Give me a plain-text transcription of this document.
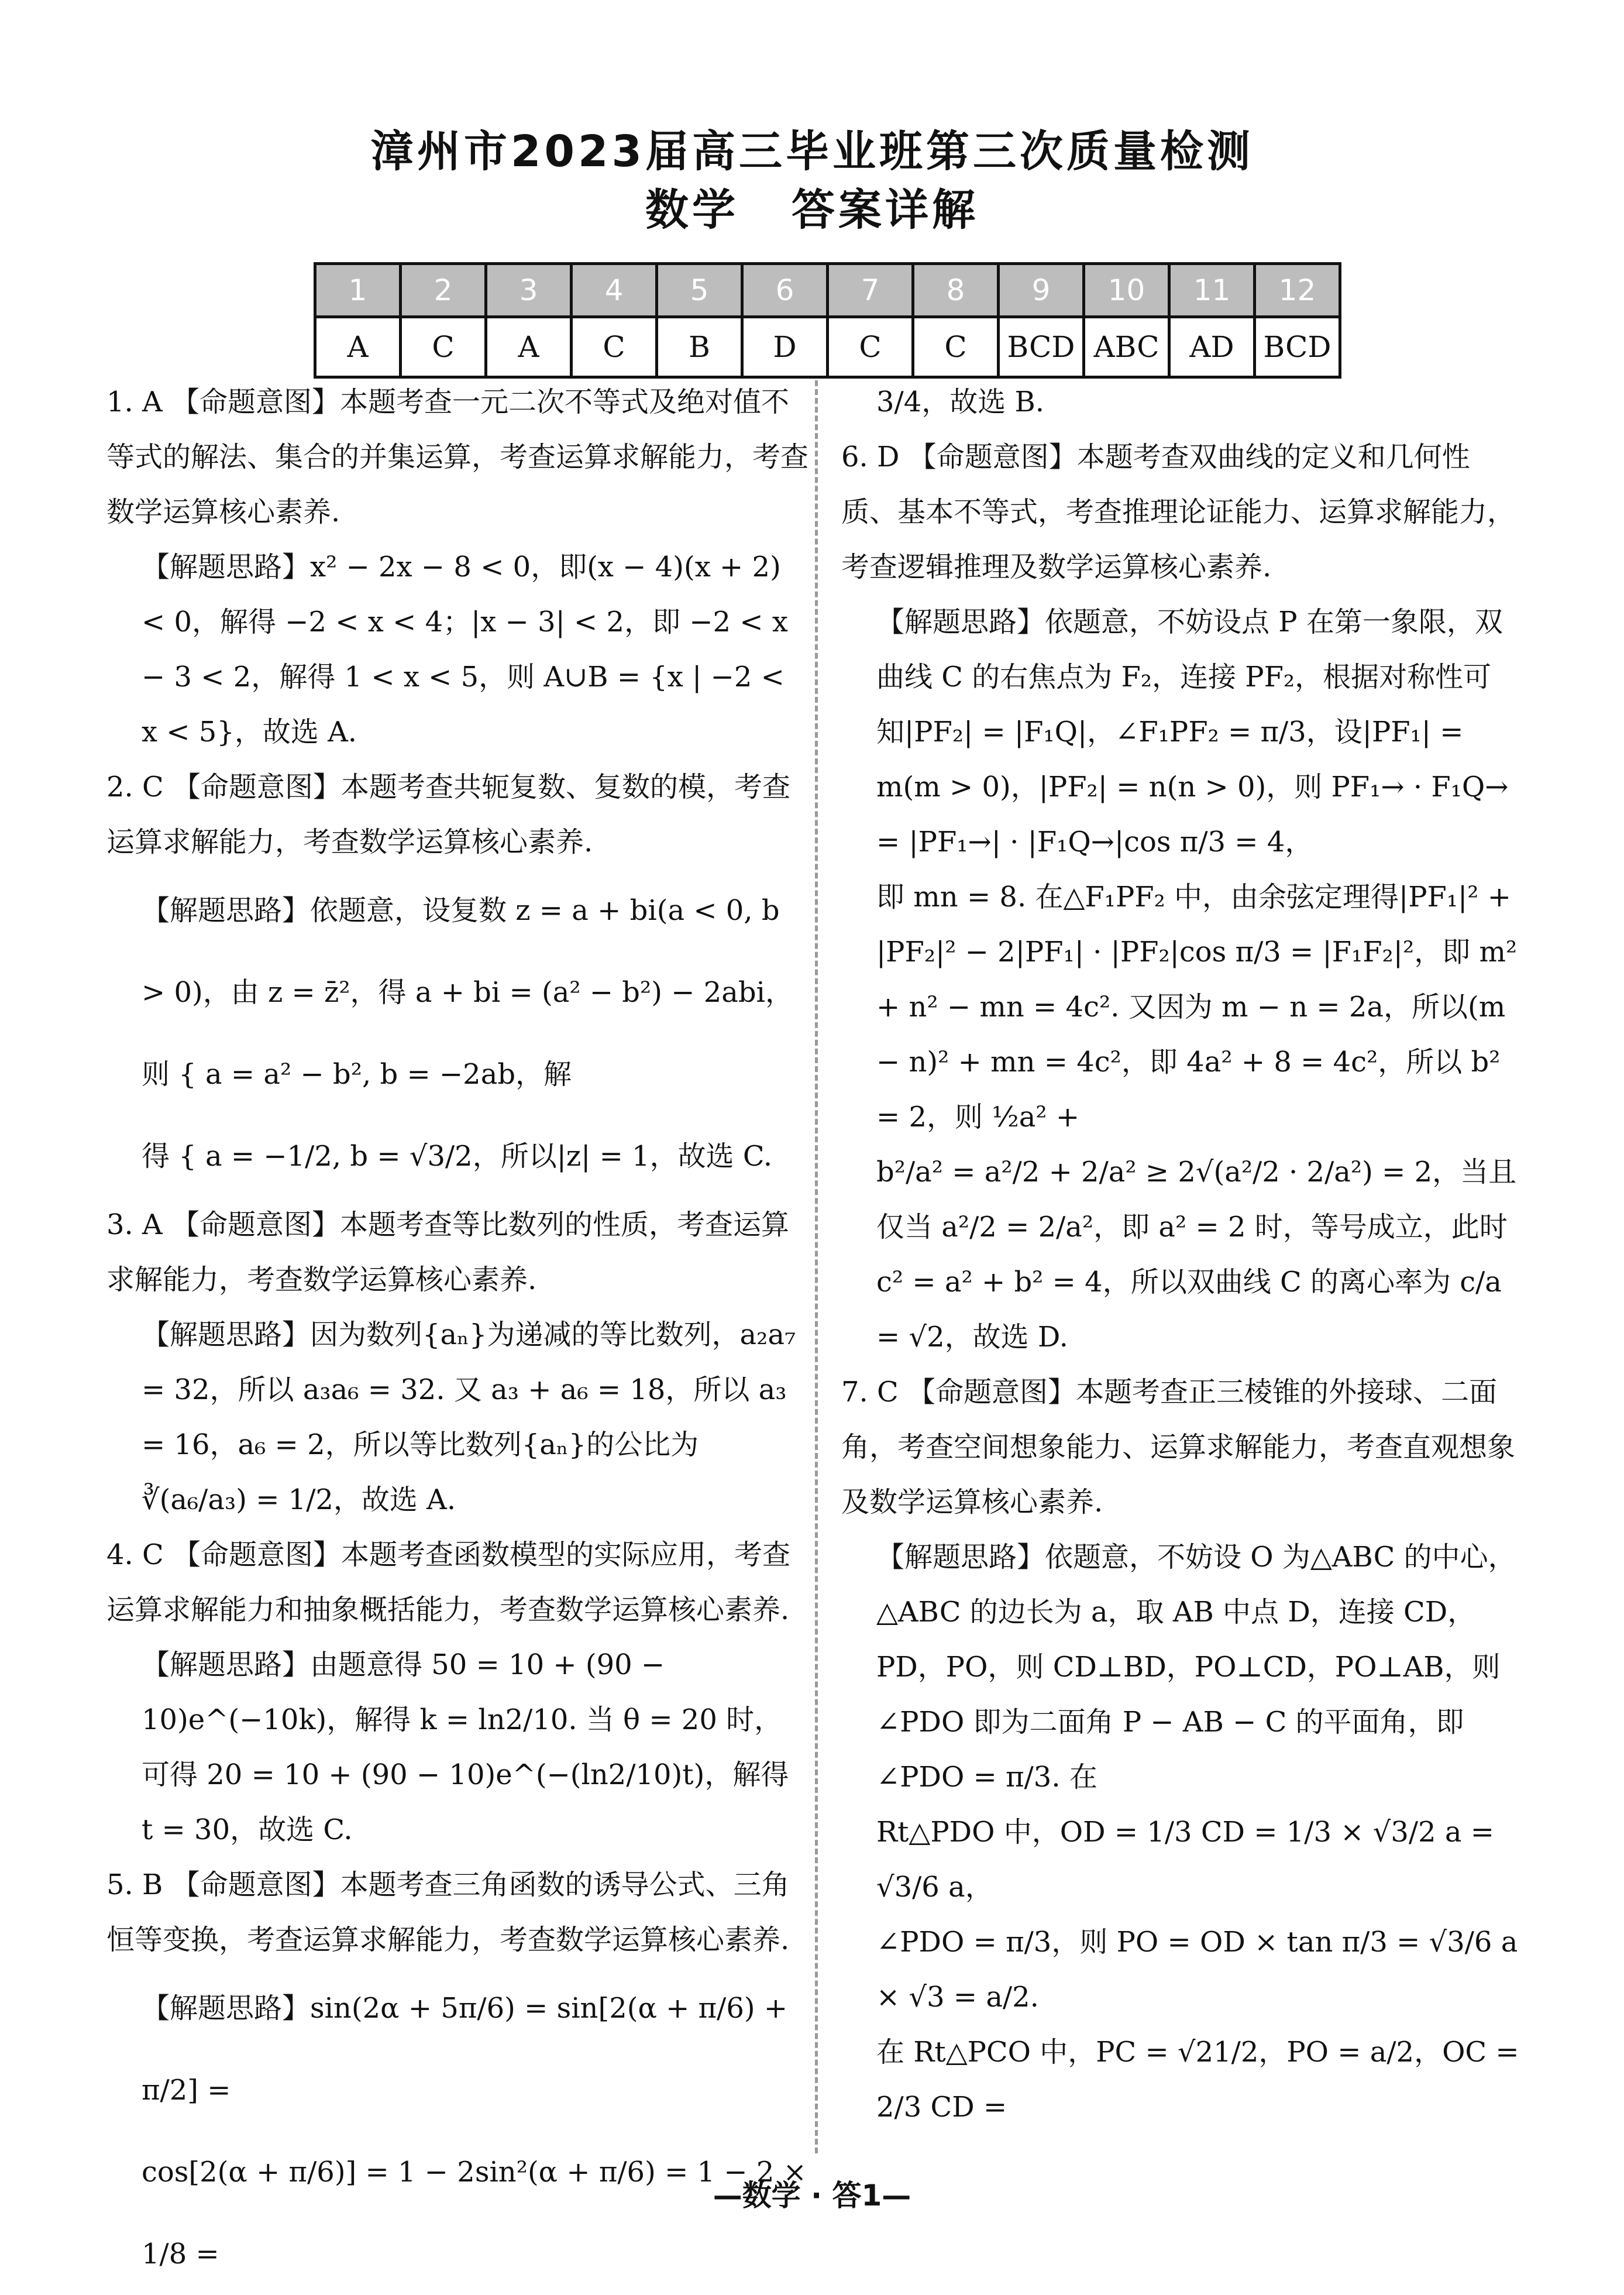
漳州市2023届高三毕业班第三次质量检测
数学 答案详解
1	2	3	4	5	6	7	8	9	10	11	12
A	C	A	C	B	D	C	C	BCD	ABC	AD	BCD

1. A 【命题意图】本题考查一元二次不等式及绝对值不等式的解法、集合的并集运算，考查运算求解能力，考查数学运算核心素养.

【解题思路】x² − 2x − 8 < 0，即(x − 4)(x + 2) < 0，解得 −2 < x < 4；|x − 3| < 2，即 −2 < x − 3 < 2，解得 1 < x < 5，则 A∪B = {x | −2 < x < 5}，故选 A.

2. C 【命题意图】本题考查共轭复数、复数的模，考查运算求解能力，考查数学运算核心素养.

【解题思路】依题意，设复数 z = a + bi(a < 0, b > 0)，由 z = z̄²，得 a + bi = (a² − b²) − 2abi，则 { a = a² − b², b = −2ab，解

得 { a = −1/2, b = √3/2，所以|z| = 1，故选 C.

3. A 【命题意图】本题考查等比数列的性质，考查运算求解能力，考查数学运算核心素养.

【解题思路】因为数列{aₙ}为递减的等比数列，a₂a₇ = 32，所以 a₃a₆ = 32. 又 a₃ + a₆ = 18，所以 a₃ = 16，a₆ = 2，所以等比数列{aₙ}的公比为 ∛(a₆/a₃) = 1/2，故选 A.

4. C 【命题意图】本题考查函数模型的实际应用，考查运算求解能力和抽象概括能力，考查数学运算核心素养.

【解题思路】由题意得 50 = 10 + (90 − 10)e^(−10k)，解得 k = ln2/10. 当 θ = 20 时，可得 20 = 10 + (90 − 10)e^(−(ln2/10)t)，解得 t = 30，故选 C.

5. B 【命题意图】本题考查三角函数的诱导公式、三角恒等变换，考查运算求解能力，考查数学运算核心素养.

【解题思路】sin(2α + 5π/6) = sin[2(α + π/6) + π/2] =

cos[2(α + π/6)] = 1 − 2sin²(α + π/6) = 1 − 2 × 1/8 =

3/4，故选 B.

6. D 【命题意图】本题考查双曲线的定义和几何性质、基本不等式，考查推理论证能力、运算求解能力，考查逻辑推理及数学运算核心素养.

【解题思路】依题意，不妨设点 P 在第一象限，双曲线 C 的右焦点为 F₂，连接 PF₂，根据对称性可知|PF₂| = |F₁Q|，∠F₁PF₂ = π/3，设|PF₁| = m(m > 0)，|PF₂| = n(n > 0)，则 PF₁→ · F₁Q→ = |PF₁→| · |F₁Q→|cos π/3 = 4，

即 mn = 8. 在△F₁PF₂ 中，由余弦定理得|PF₁|² + |PF₂|² − 2|PF₁| · |PF₂|cos π/3 = |F₁F₂|²，即 m² + n² − mn = 4c². 又因为 m − n = 2a，所以(m − n)² + mn = 4c²，即 4a² + 8 = 4c²，所以 b² = 2，则 ½a² +

b²/a² = a²/2 + 2/a² ≥ 2√(a²/2 · 2/a²) = 2，当且仅当 a²/2 = 2/a²，即 a² = 2 时，等号成立，此时 c² = a² + b² = 4，所以双曲线 C 的离心率为 c/a = √2，故选 D.

7. C 【命题意图】本题考查正三棱锥的外接球、二面角，考查空间想象能力、运算求解能力，考查直观想象及数学运算核心素养.

【解题思路】依题意，不妨设 O 为△ABC 的中心，△ABC 的边长为 a，取 AB 中点 D，连接 CD，PD，PO，则 CD⊥BD，PO⊥CD，PO⊥AB，则∠PDO 即为二面角 P − AB − C 的平面角，即∠PDO = π/3. 在

Rt△PDO 中，OD = 1/3 CD = 1/3 × √3/2 a = √3/6 a，

∠PDO = π/3，则 PO = OD × tan π/3 = √3/6 a × √3 = a/2.

在 Rt△PCO 中，PC = √21/2，PO = a/2，OC = 2/3 CD =

—数学 · 答1—
